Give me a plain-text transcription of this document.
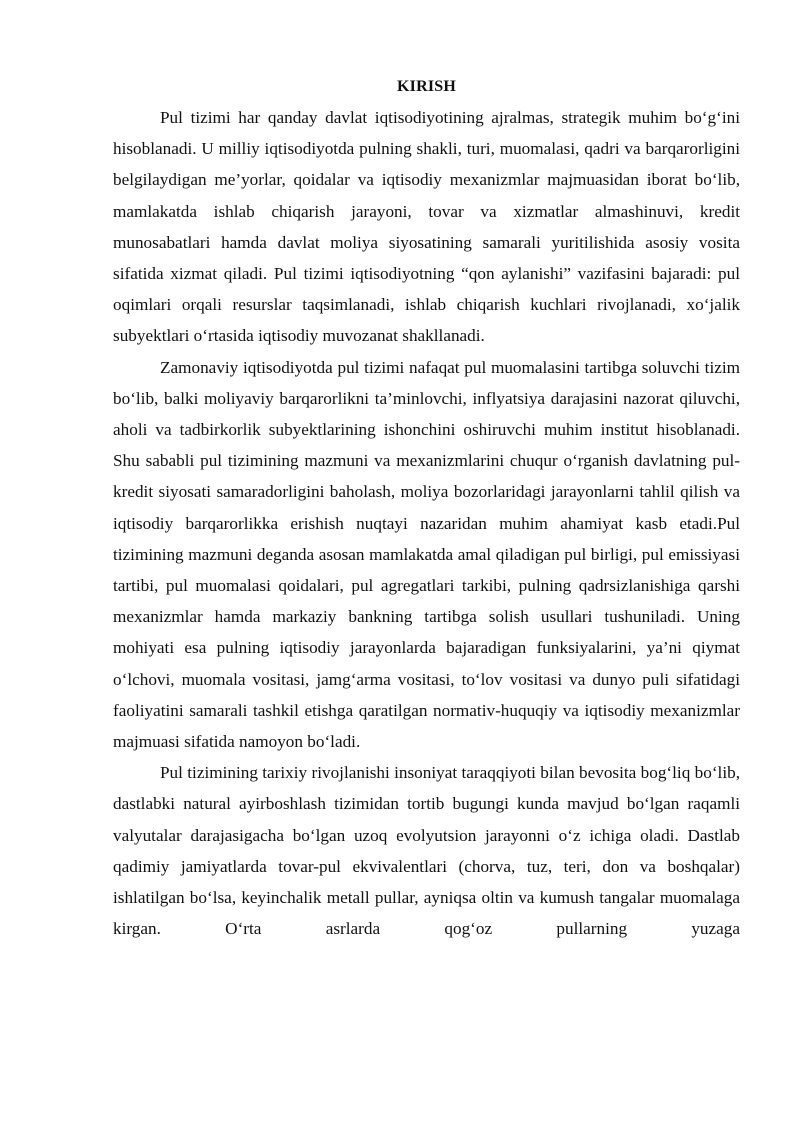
KIRISH

Pul tizimi har qanday davlat iqtisodiyotining ajralmas, strategik muhim bo‘g‘ini hisoblanadi. U milliy iqtisodiyotda pulning shakli, turi, muomalasi, qadri va barqarorligini belgilaydigan me’yorlar, qoidalar va iqtisodiy mexanizmlar majmuasidan iborat bo‘lib, mamlakatda ishlab chiqarish jarayoni, tovar va xizmatlar almashinuvi, kredit munosabatlari hamda davlat moliya siyosatining samarali yuritilishida asosiy vosita sifatida xizmat qiladi. Pul tizimi iqtisodiyotning “qon aylanishi” vazifasini bajaradi: pul oqimlari orqali resurslar taqsimlanadi, ishlab chiqarish kuchlari rivojlanadi, xo‘jalik subyektlari o‘rtasida iqtisodiy muvozanat shakllanadi.

Zamonaviy iqtisodiyotda pul tizimi nafaqat pul muomalasini tartibga soluvchi tizim bo‘lib, balki moliyaviy barqarorlikni ta’minlovchi, inflyatsiya darajasini nazorat qiluvchi, aholi va tadbirkorlik subyektlarining ishonchini oshiruvchi muhim institut hisoblanadi. Shu sababli pul tizimining mazmuni va mexanizmlarini chuqur o‘rganish davlatning pul-kredit siyosati samaradorligini baholash, moliya bozorlaridagi jarayonlarni tahlil qilish va iqtisodiy barqarorlikka erishish nuqtayi nazaridan muhim ahamiyat kasb etadi.Pul tizimining mazmuni deganda asosan mamlakatda amal qiladigan pul birligi, pul emissiyasi tartibi, pul muomalasi qoidalari, pul agregatlari tarkibi, pulning qadrsizlanishiga qarshi mexanizmlar hamda markaziy bankning tartibga solish usullari tushuniladi. Uning mohiyati esa pulning iqtisodiy jarayonlarda bajaradigan funksiyalarini, ya’ni qiymat o‘lchovi, muomala vositasi, jamg‘arma vositasi, to‘lov vositasi va dunyo puli sifatidagi faoliyatini samarali tashkil etishga qaratilgan normativ-huquqiy va iqtisodiy mexanizmlar majmuasi sifatida namoyon bo‘ladi.

Pul tizimining tarixiy rivojlanishi insoniyat taraqqiyoti bilan bevosita bog‘liq bo‘lib, dastlabki natural ayirboshlash tizimidan tortib bugungi kunda mavjud bo‘lgan raqamli valyutalar darajasigacha bo‘lgan uzoq evolyutsion jarayonni o‘z ichiga oladi. Dastlab qadimiy jamiyatlarda tovar-pul ekvivalentlari (chorva, tuz, teri, don va boshqalar) ishlatilgan bo‘lsa, keyinchalik metall pullar, ayniqsa oltin va kumush tangalar muomalaga kirgan. O‘rta asrlarda qog‘oz pullarning yuzaga
